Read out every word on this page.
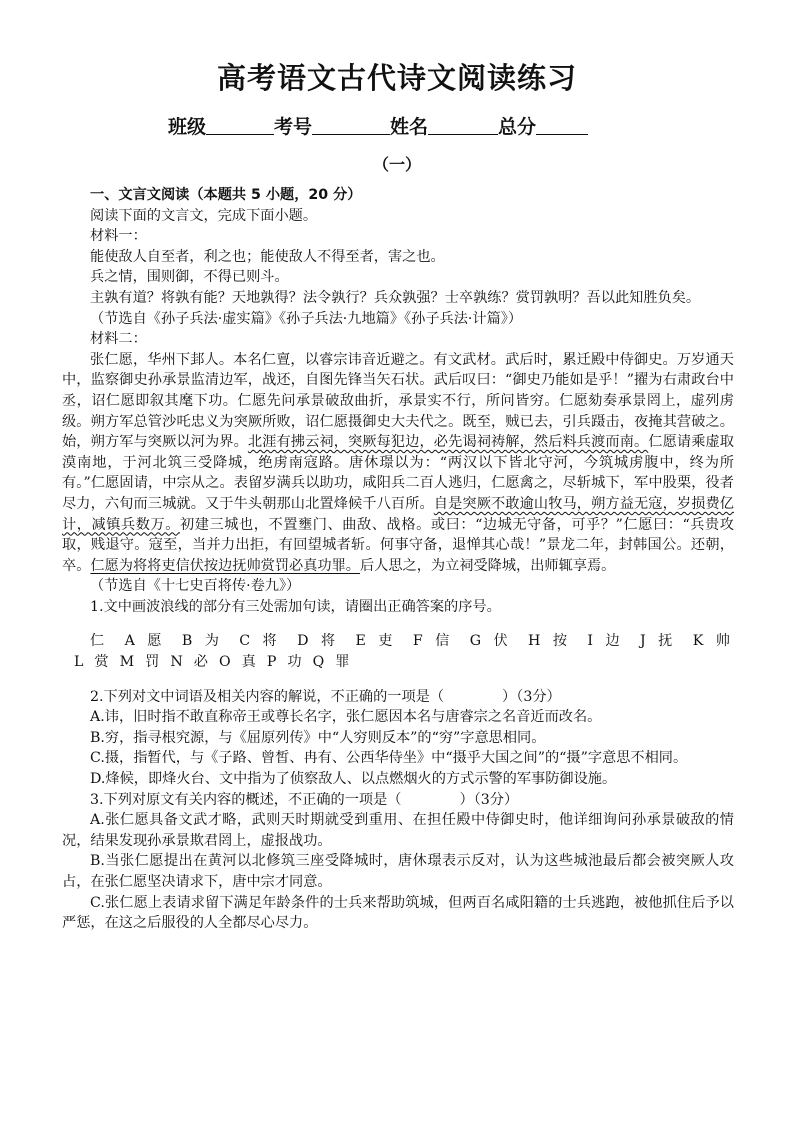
高考语文古代诗文阅读练习
班级	考号	姓名	总分
（一）

一、文言文阅读（本题共 5 小题，20 分）

阅读下面的文言文，完成下面小题。

材料一：

能使敌人自至者，利之也；能使敌人不得至者，害之也。

兵之情，围则御，不得已则斗。

主孰有道？将孰有能？天地孰得？法令孰行？兵众孰强？士卒孰练？赏罚孰明？吾以此知胜负矣。

（节选自《孙子兵法·虚实篇》《孙子兵法·九地篇》《孙子兵法·计篇》）

材料二：

张仁愿，华州下邽人。本名仁亶，以睿宗讳音近避之。有文武材。武后时，累迁殿中侍御史。万岁通天中，监察御史孙承景监清边军，战还，自图先锋当矢石状。武后叹曰：“御史乃能如是乎！”擢为右肃政台中丞，诏仁愿即叙其麾下功。仁愿先问承景破敌曲折，承景实不行，所问皆穷。仁愿劾奏承景罔上，虚列虏级。朔方军总管沙吒忠义为突厥所败，诏仁愿摄御史大夫代之。既至，贼已去，引兵蹑击，夜掩其营破之。始，朔方军与突厥以河为界。北涯有拂云祠，突厥每犯边，必先谒祠祷解，然后料兵渡而南。仁愿请乘虚取漠南地，于河北筑三受降城，绝虏南寇路。唐休璟以为：“两汉以下皆北守河，今筑城虏腹中，终为所有。”仁愿固请，中宗从之。表留岁满兵以助功，咸阳兵二百人逃归，仁愿禽之，尽斩城下，军中股栗，役者尽力，六旬而三城就。又于牛头朝那山北置烽候千八百所。自是突厥不敢逾山牧马，朔方益无寇，岁损费亿计，减镇兵数万。初建三城也，不置壅门、曲敌、战格。或曰：“边城无守备，可乎？”仁愿曰：“兵贵攻取，贱退守。寇至，当并力出拒，有回望城者斩。何事守备，退惮其心哉！”景龙二年，封韩国公。还朝，卒。仁愿为将将吏信伏按边抚帅赏罚必真功罪。后人思之，为立祠受降城，出师辄享焉。

（节选自《十七史百将传·卷九》）

1.文中画波浪线的部分有三处需加句读，请圈出正确答案的序号。

仁 A 愿 B 为 C 将 D 将 E 吏 F 信 G 伏 H 按 I 边 J 抚 K 帅
L 赏 M 罚 N 必 O 真 P 功 Q 罪

2.下列对文中词语及相关内容的解说，不正确的一项是（	）（3分）

A.讳，旧时指不敢直称帝王或尊长名字，张仁愿因本名与唐睿宗之名音近而改名。

B.穷，指寻根究源，与《屈原列传》中“人穷则反本”的“穷”字意思相同。

C.摄，指暂代，与《子路、曾皙、冉有、公西华侍坐》中“摄乎大国之间”的“摄”字意思不相同。

D.烽候，即烽火台、文中指为了侦察敌人、以点燃烟火的方式示警的军事防御设施。

3.下列对原文有关内容的概述，不正确的一项是（	）（3分）

A.张仁愿具备文武才略，武则天时期就受到重用、在担任殿中侍御史时，他详细询问孙承景破敌的情况，结果发现孙承景欺君罔上，虚报战功。

B.当张仁愿提出在黄河以北修筑三座受降城时，唐休璟表示反对，认为这些城池最后都会被突厥人攻占，在张仁愿坚决请求下，唐中宗才同意。

C.张仁愿上表请求留下满足年龄条件的士兵来帮助筑城，但两百名咸阳籍的士兵逃跑，被他抓住后予以严惩，在这之后服役的人全都尽心尽力。
